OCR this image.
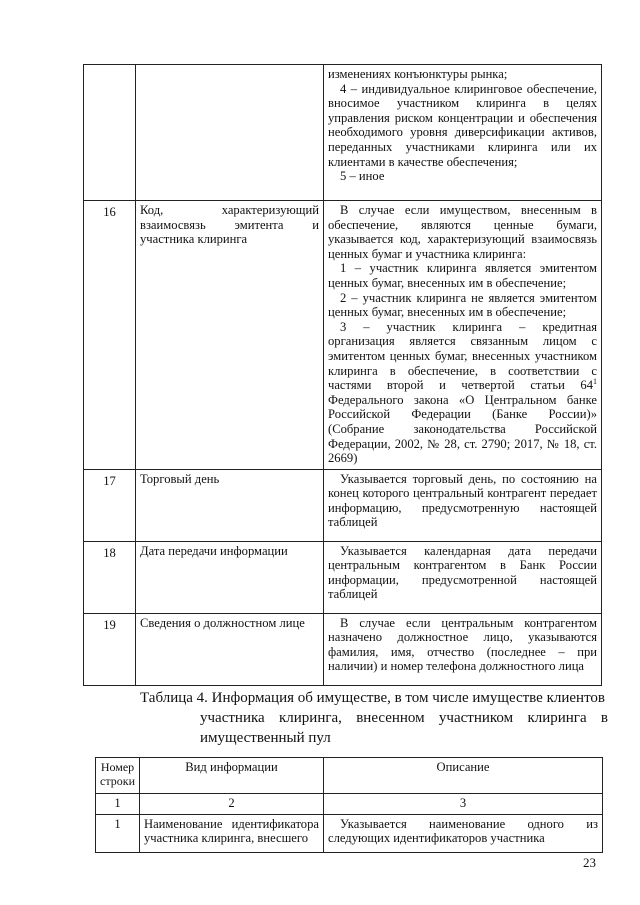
		изменениях конъюнктуры рынка;

4 – индивидуальное клиринговое обеспечение, вносимое участником клиринга в целях управления риском концентрации и обеспечения необходимого уровня диверсификации активов, переданных участниками клиринга или их клиентами в качестве обеспечения;

5 – иное

16	Код, характеризующий взаимосвязь эмитента и участника клиринга	В случае если имуществом, внесенным в обеспечение, являются ценные бумаги, указывается код, характеризующий взаимосвязь ценных бумаг и участника клиринга:

1 – участник клиринга является эмитентом ценных бумаг, внесенных им в обеспечение;

2 – участник клиринга не является эмитентом ценных бумаг, внесенных им в обеспечение;

3 – участник клиринга – кредитная организация является связанным лицом с эмитентом ценных бумаг, внесенных участником клиринга в обеспечение, в соответствии с частями второй и четвертой статьи $64^1$ Федерального закона «О Центральном банке Российской Федерации (Банке России)» (Собрание законодательства Российской Федерации, 2002, № 28, ст. 2790; 2017, № 18, ст. 2669)

17	Торговый день	Указывается торговый день, по состоянию на конец которого центральный контрагент передает информацию, предусмотренную настоящей таблицей

18	Дата передачи информации	Указывается календарная дата передачи центральным контрагентом в Банк России информации, предусмотренной настоящей таблицей

19	Сведения о должностном лице	В случае если центральным контрагентом назначено должностное лицо, указываются фамилия, имя, отчество (последнее – при наличии) и номер телефона должностного лица

Таблица 4. Информация об имуществе, в том числе имуществе клиентов
участника клиринга, внесенном участником клиринга в
имущественный пул
Номер строки	Вид информации	Описание
1	2	3
1	Наименование идентификатора участника клиринга, внесшего	Указывается наименование одного из следующих идентификаторов участника
23
